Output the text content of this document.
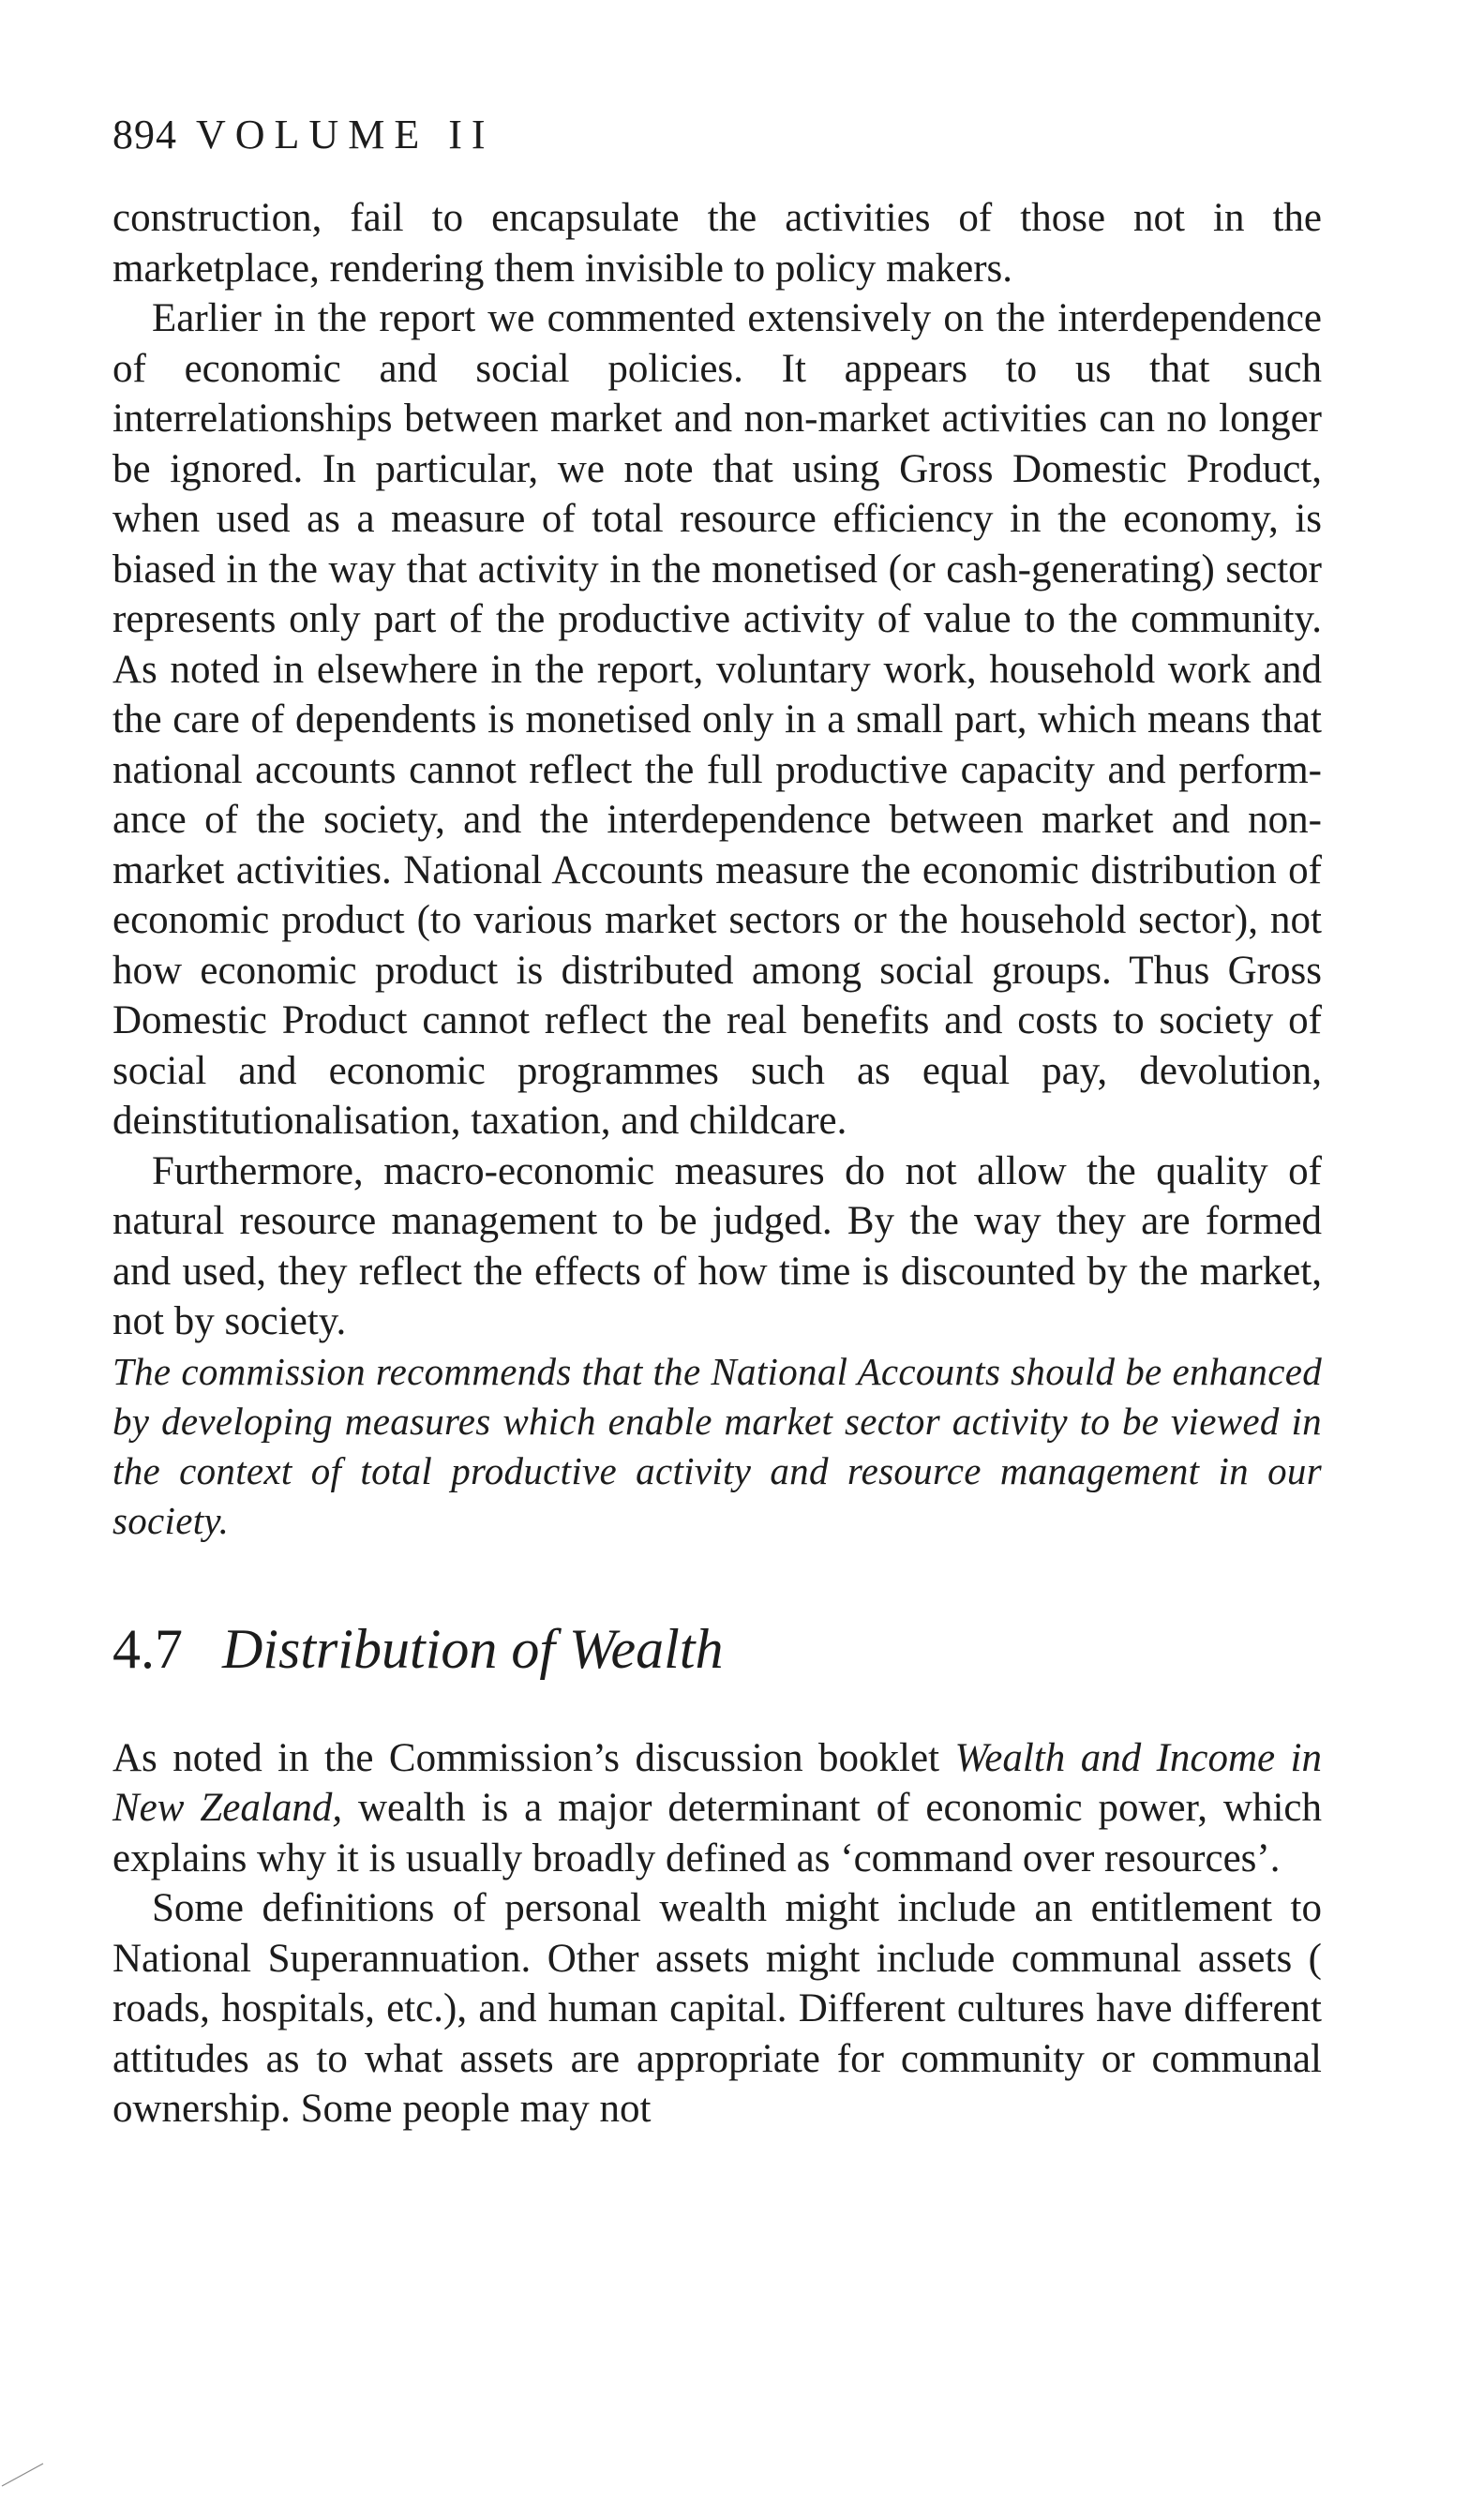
894 VOLUME II

construction, fail to encapsulate the activities of those not in the marketplace, rendering them invisible to policy makers.

Earlier in the report we commented extensively on the interdependence of economic and social policies. It appears to us that such interrelationships between market and non-market activities can no longer be ignored. In particular, we note that using Gross Domestic Product, when used as a measure of total resource efficiency in the economy, is biased in the way that activity in the monetised (or cash-generating) sector represents only part of the productive activity of value to the community. As noted in elsewhere in the report, voluntary work, household work and the care of dependents is monetised only in a small part, which means that national accounts cannot reflect the full productive capacity and performance of the society, and the interdependence between market and non-market activities. National Accounts measure the economic distribution of economic product (to various market sectors or the household sector), not how economic product is distributed among social groups. Thus Gross Domestic Product cannot reflect the real benefits and costs to society of social and economic programmes such as equal pay, devolution, deinstitutionalisation, taxation, and childcare.

Furthermore, macro-economic measures do not allow the quality of natural resource management to be judged. By the way they are formed and used, they reflect the effects of how time is discounted by the market, not by society.

The commission recommends that the National Accounts should be enhanced by developing measures which enable market sector activity to be viewed in the context of total productive activity and resource management in our society.

4.7 Distribution of Wealth

As noted in the Commission’s discussion booklet Wealth and Income in New Zealand, wealth is a major determinant of economic power, which explains why it is usually broadly defined as ‘command over resources’.

Some definitions of personal wealth might include an entitlement to National Superannuation. Other assets might include communal assets ( roads, hospitals, etc.), and human capital. Different cultures have different attitudes as to what assets are appropriate for community or communal ownership. Some people may not
